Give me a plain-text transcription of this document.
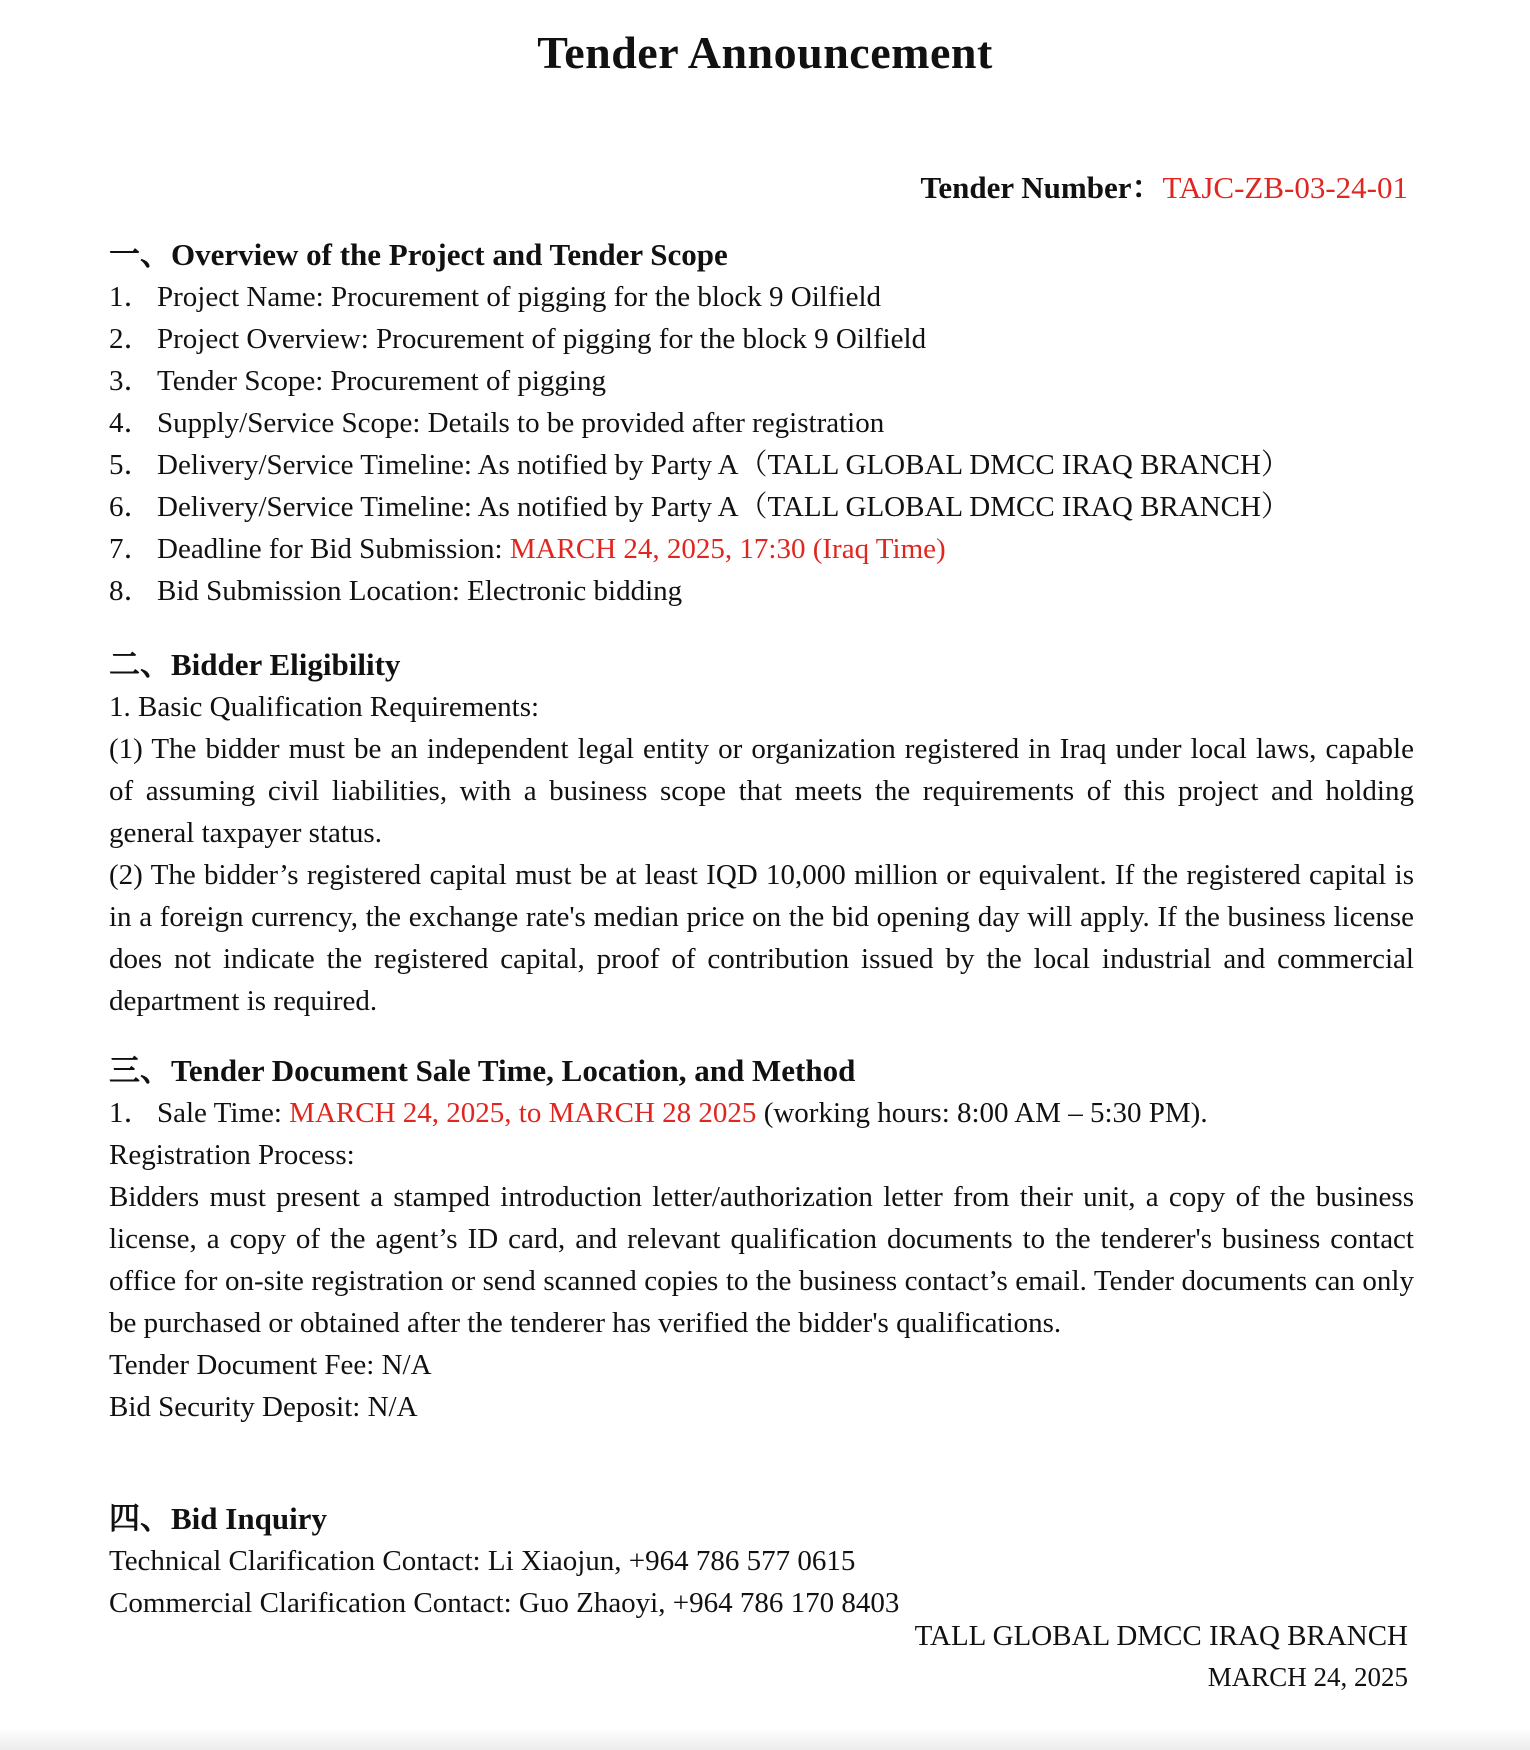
Tender Announcement
Tender Number：TAJC-ZB-03-24-01

一、Overview of the Project and Tender Scope

1． Project Name: Procurement of pigging for the block 9 Oilfield

2． Project Overview: Procurement of pigging for the block 9 Oilfield

3． Tender Scope: Procurement of pigging

4． Supply/Service Scope: Details to be provided after registration

5． Delivery/Service Timeline: As notified by Party A（TALL GLOBAL DMCC IRAQ BRANCH）

6． Delivery/Service Timeline: As notified by Party A（TALL GLOBAL DMCC IRAQ BRANCH）

7． Deadline for Bid Submission: MARCH 24, 2025, 17:30 (Iraq Time)

8． Bid Submission Location: Electronic bidding

二、Bidder Eligibility

1. Basic Qualification Requirements:

(1) The bidder must be an independent legal entity or organization registered in Iraq under local laws, capable of assuming civil liabilities, with a business scope that meets the requirements of this project and holding general taxpayer status.

(2) The bidder’s registered capital must be at least IQD 10,000 million or equivalent. If the registered capital is in a foreign currency, the exchange rate's median price on the bid opening day will apply. If the business license does not indicate the registered capital, proof of contribution issued by the local industrial and commercial department is required.

三、Tender Document Sale Time, Location, and Method

1． Sale Time: MARCH 24, 2025, to MARCH 28 2025 (working hours: 8:00 AM – 5:30 PM).

Registration Process:

Bidders must present a stamped introduction letter/authorization letter from their unit, a copy of the business license, a copy of the agent’s ID card, and relevant qualification documents to the tenderer's business contact office for on-site registration or send scanned copies to the business contact’s email. Tender documents can only be purchased or obtained after the tenderer has verified the bidder's qualifications.

Tender Document Fee: N/A

Bid Security Deposit: N/A

四、Bid Inquiry

Technical Clarification Contact: Li Xiaojun, +964 786 577 0615

Commercial Clarification Contact: Guo Zhaoyi, +964 786 170 8403

TALL GLOBAL DMCC IRAQ BRANCH
MARCH 24, 2025
